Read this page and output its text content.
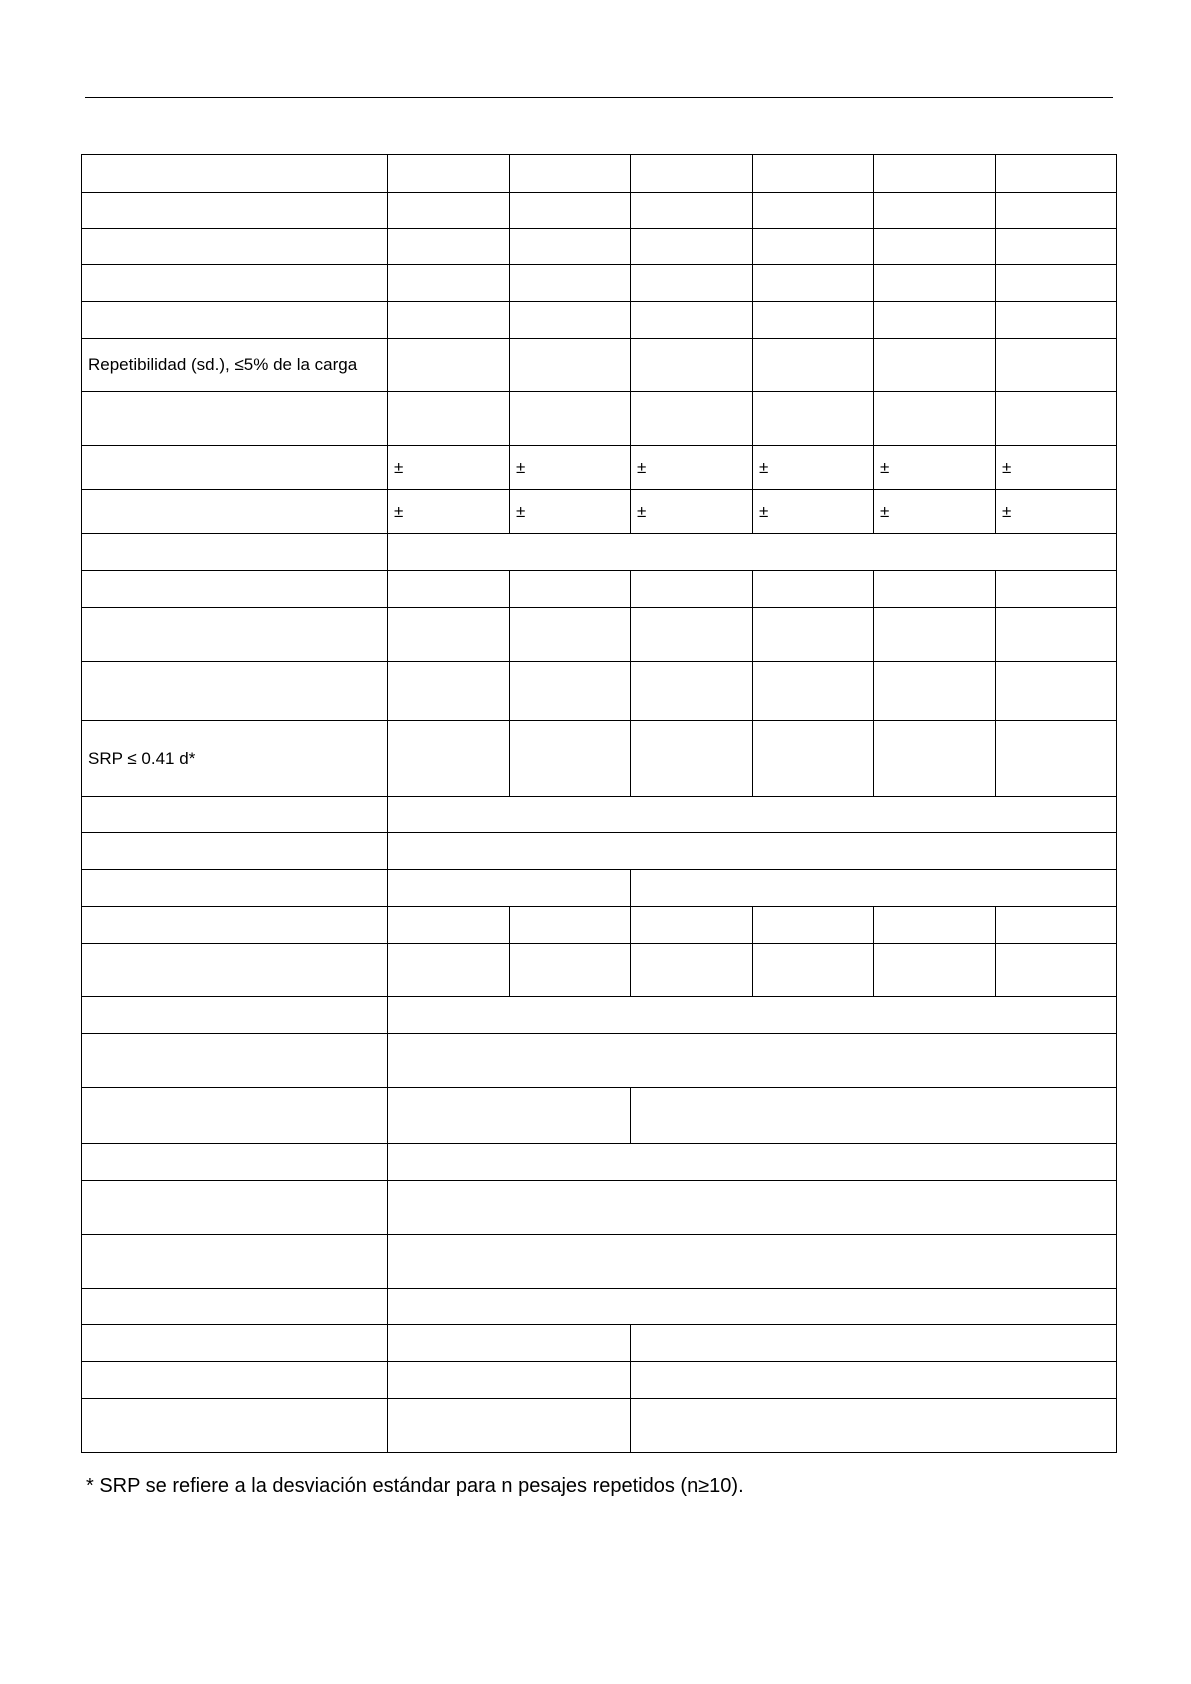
Repetibilidad (sd.), ≤5% de la carga						

	±	±	±	±	±	±
	±	±	±	±	±	±

SRP ≤ 0.41 d*						

* SRP se refiere a la desviación estándar para n pesajes repetidos (n≥10).
